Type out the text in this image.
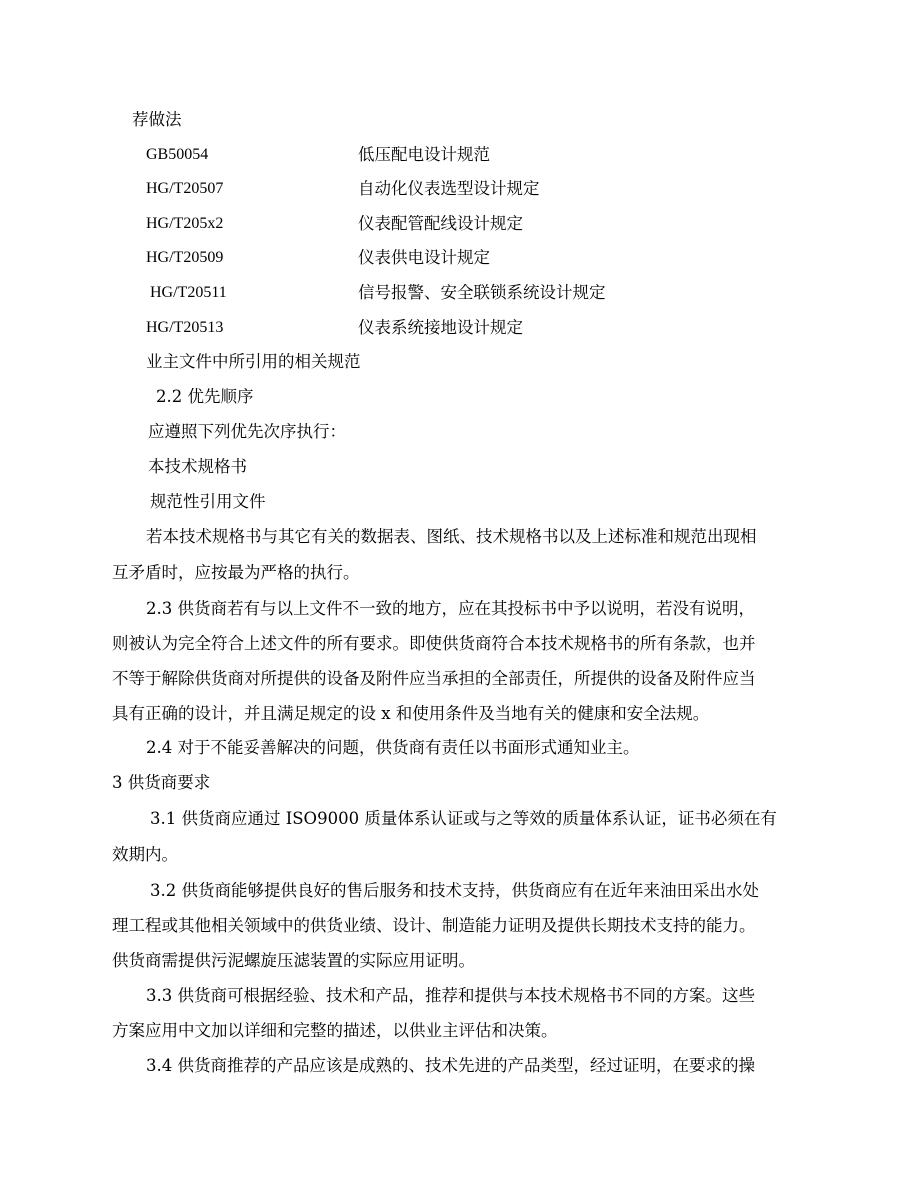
荐做法
GB50054	低压配电设计规范
HG/T20507	自动化仪表选型设计规定
HG/T205x2	仪表配管配线设计规定
HG/T20509	仪表供电设计规定
HG/T20511	信号报警、安全联锁系统设计规定
HG/T20513	仪表系统接地设计规定
业主文件中所引用的相关规范
2.2 优先顺序
应遵照下列优先次序执行：
本技术规格书
规范性引用文件
若本技术规格书与其它有关的数据表、图纸、技术规格书以及上述标准和规范出现相
互矛盾时，应按最为严格的执行。
2.3 供货商若有与以上文件不一致的地方，应在其投标书中予以说明，若没有说明，
则被认为完全符合上述文件的所有要求。即使供货商符合本技术规格书的所有条款，也并
不等于解除供货商对所提供的设备及附件应当承担的全部责任，所提供的设备及附件应当
具有正确的设计，并且满足规定的设 x 和使用条件及当地有关的健康和安全法规。
2.4 对于不能妥善解决的问题，供货商有责任以书面形式通知业主。
3 供货商要求
3.1 供货商应通过 ISO9000 质量体系认证或与之等效的质量体系认证，证书必须在有
效期内。
3.2 供货商能够提供良好的售后服务和技术支持，供货商应有在近年来油田采出水处
理工程或其他相关领域中的供货业绩、设计、制造能力证明及提供长期技术支持的能力。
供货商需提供污泥螺旋压滤装置的实际应用证明。
3.3 供货商可根据经验、技术和产品，推荐和提供与本技术规格书不同的方案。这些
方案应用中文加以详细和完整的描述，以供业主评估和决策。
3.4 供货商推荐的产品应该是成熟的、技术先进的产品类型，经过证明，在要求的操
